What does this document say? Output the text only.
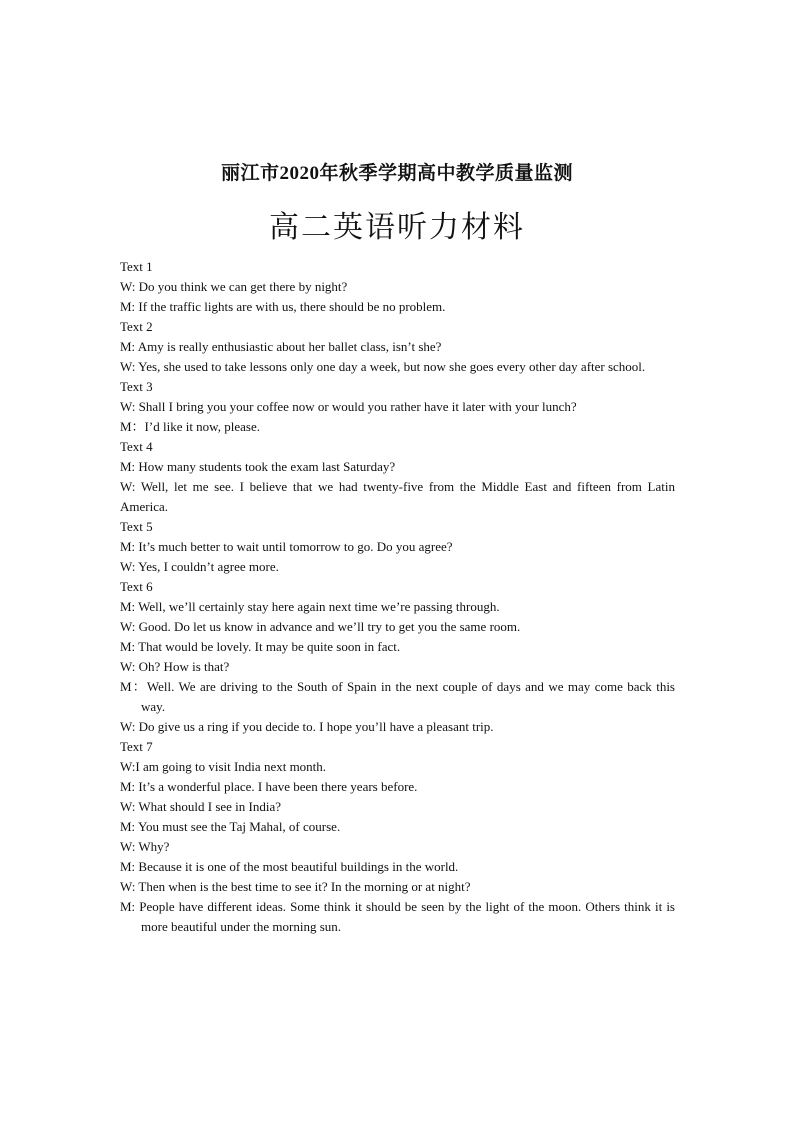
丽江市2020年秋季学期高中教学质量监测
高二英语听力材料
Text 1
W: Do you think we can get there by night?
M: If the traffic lights are with us, there should be no problem.
Text 2
M: Amy is really enthusiastic about her ballet class, isn’t she?
W: Yes, she used to take lessons only one day a week, but now she goes every other day after school.
Text 3
W: Shall I bring you your coffee now or would you rather have it later with your lunch?
M：I’d like it now, please.
Text 4
M: How many students took the exam last Saturday?
W: Well, let me see. I believe that we had twenty-five from the Middle East and fifteen from Latin America.
Text 5
M: It’s much better to wait until tomorrow to go. Do you agree?
W: Yes, I couldn’t agree more.
Text 6
M: Well, we’ll certainly stay here again next time we’re passing through.
W: Good. Do let us know in advance and we’ll try to get you the same room.
M: That would be lovely. It may be quite soon in fact.
W: Oh? How is that?
M：Well. We are driving to the South of Spain in the next couple of days and we may come back this way.
W: Do give us a ring if you decide to. I hope you’ll have a pleasant trip.
Text 7
W:I am going to visit India next month.
M: It’s a wonderful place. I have been there years before.
W: What should I see in India?
M: You must see the Taj Mahal, of course.
W: Why?
M: Because it is one of the most beautiful buildings in the world.
W: Then when is the best time to see it? In the morning or at night?
M: People have different ideas. Some think it should be seen by the light of the moon. Others think it is more beautiful under the morning sun.
